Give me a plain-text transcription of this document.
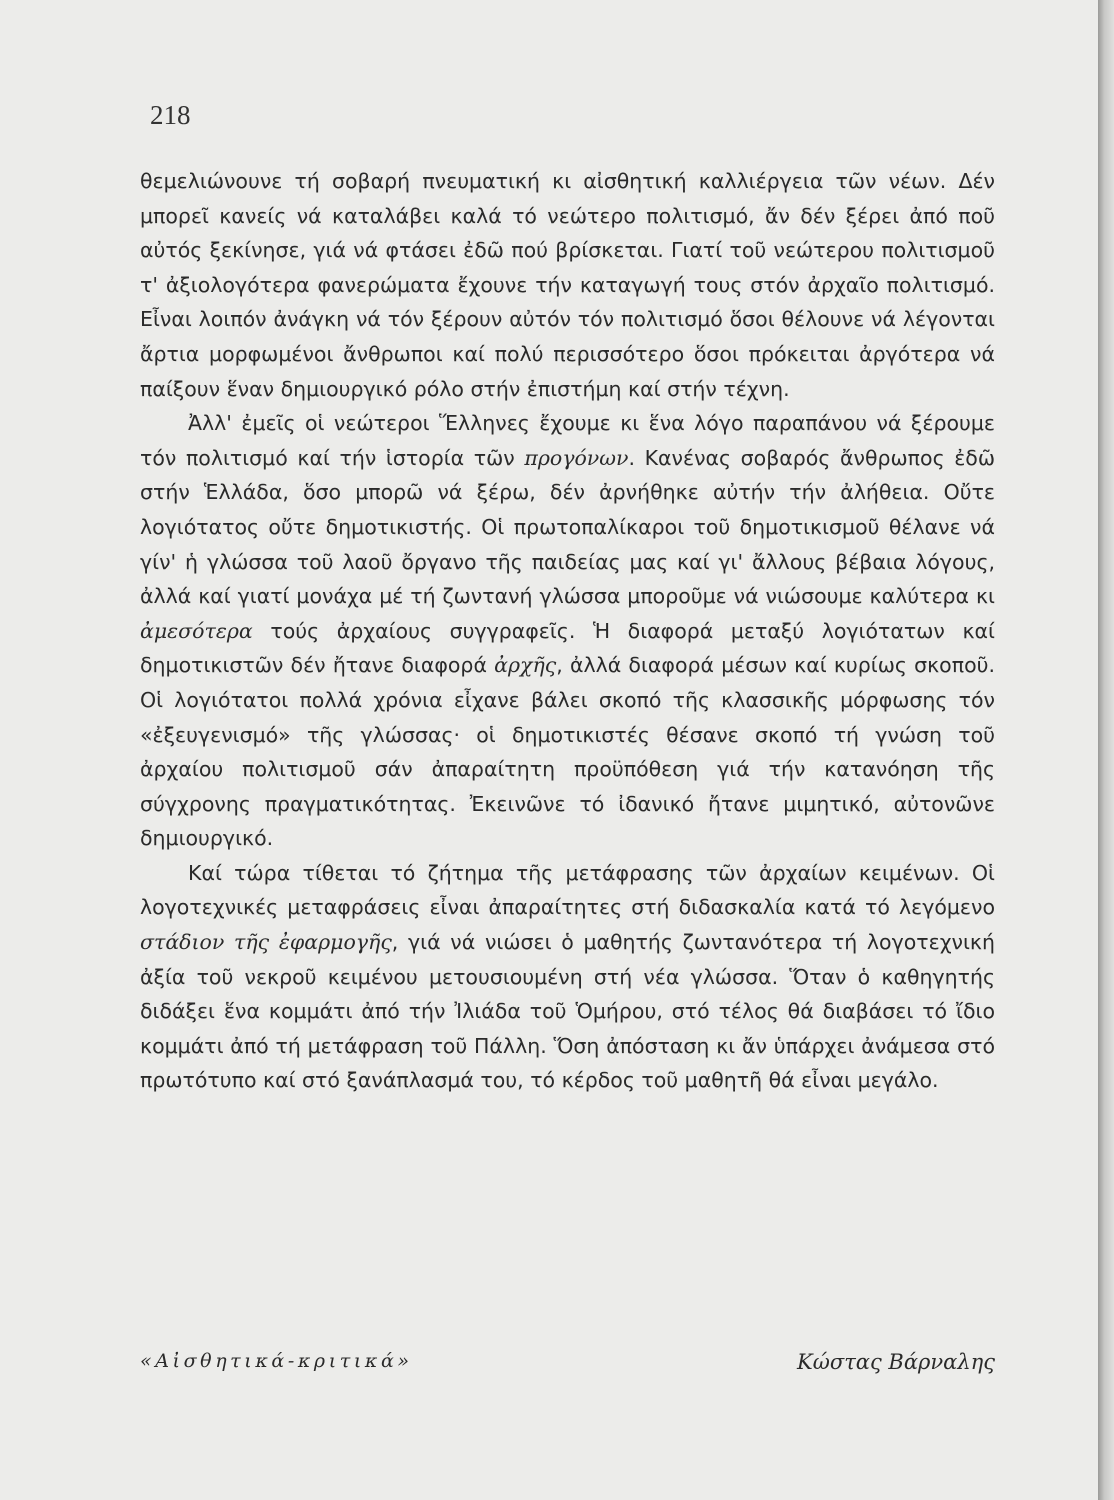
218

θεμελιώνουνε τή σοβαρή πνευματική κι αἰσθητική καλλιέργεια τῶν νέων. Δέν μπορεῖ κανείς νά καταλάβει καλά τό νεώτερο πολιτισμό, ἄν δέν ξέρει ἀπό ποῦ αὐτός ξεκίνησε, γιά νά φτάσει ἐδῶ πού βρίσκεται. Γιατί τοῦ νεώτερου πολιτισμοῦ τ' ἀξιολογότερα φανερώματα ἔχουνε τήν καταγωγή τους στόν ἀρχαῖο πολιτισμό. Εἶναι λοιπόν ἀνάγκη νά τόν ξέρουν αὐτόν τόν πολιτισμό ὅσοι θέλουνε νά λέγονται ἄρτια μορφωμένοι ἄνθρωποι καί πολύ περισσότερο ὅσοι πρόκειται ἀργότερα νά παίξουν ἕναν δημιουργικό ρόλο στήν ἐπιστήμη καί στήν τέχνη.

Ἀλλ' ἐμεῖς οἱ νεώτεροι Ἕλληνες ἔχουμε κι ἕνα λόγο παραπάνου νά ξέρουμε τόν πολιτισμό καί τήν ἱστορία τῶν προγόνων. Κανένας σοβαρός ἄνθρωπος ἐδῶ στήν Ἑλλάδα, ὅσο μπορῶ νά ξέρω, δέν ἀρνήθηκε αὐτήν τήν ἀλήθεια. Οὔτε λογιότατος οὔτε δημοτικιστής. Οἱ πρωτοπαλίκαροι τοῦ δημοτικισμοῦ θέλανε νά γίν' ἡ γλώσσα τοῦ λαοῦ ὄργανο τῆς παιδείας μας καί γι' ἄλλους βέβαια λόγους, ἀλλά καί γιατί μονάχα μέ τή ζωντανή γλώσσα μποροῦμε νά νιώσουμε καλύτερα κι ἀμεσότερα τούς ἀρχαίους συγγραφεῖς. Ἡ διαφορά μεταξύ λογιότατων καί δημοτικιστῶν δέν ἤτανε διαφορά ἀρχῆς, ἀλλά διαφορά μέσων καί κυρίως σκοποῦ. Οἱ λογιότατοι πολλά χρόνια εἶχανε βάλει σκοπό τῆς κλασσικῆς μόρφωσης τόν «ἐξευγενισμό» τῆς γλώσσας· οἱ δημοτικιστές θέσανε σκοπό τή γνώση τοῦ ἀρχαίου πολιτισμοῦ σάν ἀπαραίτητη προϋπόθεση γιά τήν κατανόηση τῆς σύγχρονης πραγματικότητας. Ἐκεινῶνε τό ἰδανικό ἤτανε μιμητικό, αὐτονῶνε δημιουργικό.

Καί τώρα τίθεται τό ζήτημα τῆς μετάφρασης τῶν ἀρχαίων κειμένων. Οἱ λογοτεχνικές μεταφράσεις εἶναι ἀπαραίτητες στή διδασκαλία κατά τό λεγόμενο στάδιον τῆς ἐφαρμογῆς, γιά νά νιώσει ὁ μαθητής ζωντανότερα τή λογοτεχνική ἀξία τοῦ νεκροῦ κειμένου μετουσιουμένη στή νέα γλώσσα. Ὅταν ὁ καθηγητής διδάξει ἕνα κομμάτι ἀπό τήν Ἰλιάδα τοῦ Ὁμήρου, στό τέλος θά διαβάσει τό ἴδιο κομμάτι ἀπό τή μετάφραση τοῦ Πάλλη. Ὅση ἀπόσταση κι ἄν ὑπάρχει ἀνάμεσα στό πρωτότυπο καί στό ξανάπλασμά του, τό κέρδος τοῦ μαθητῆ θά εἶναι μεγάλο.

«Αἰσθητικά-κριτικά»	Κώστας Βάρναλης
